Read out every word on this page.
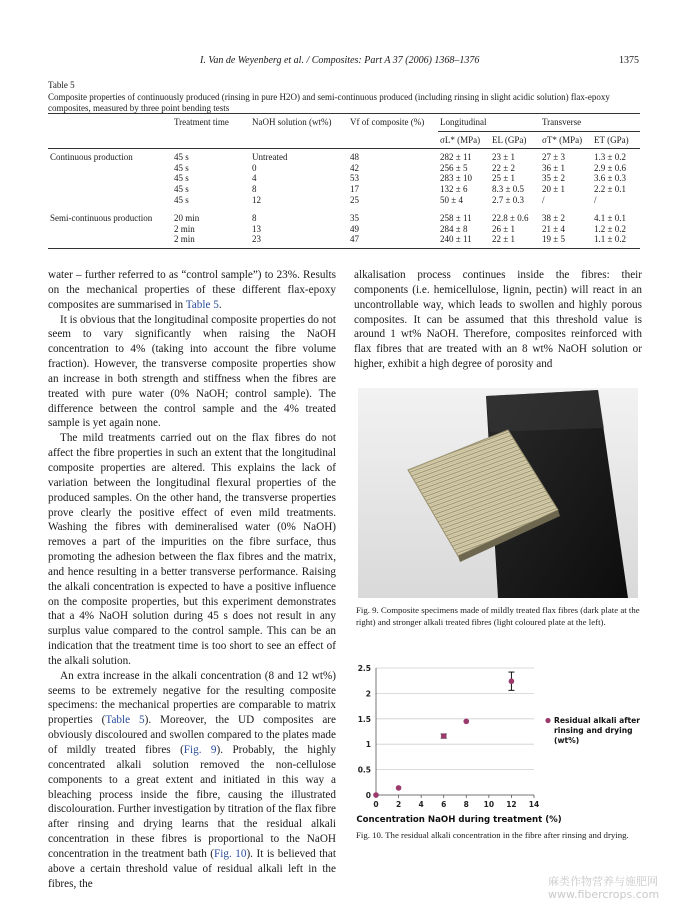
I. Van de Weyenberg et al. / Composites: Part A 37 (2006) 1368–1376	1375
Table 5
Composite properties of continuously produced (rinsing in pure H2O) and semi-continuous produced (including rinsing in slight acidic solution) flax-epoxy composites, measured by three point bending tests
	Treatment time	NaOH solution (wt%)	Vf of composite (%)	Longitudinal		Transverse	
				σL* (MPa)	EL (GPa)	σT* (MPa)	ET (GPa)
Continuous production	45 s	Untreated	48	282 ± 11	23 ± 1	27 ± 3	1.3 ± 0.2
	45 s	0	42	256 ± 5	22 ± 2	36 ± 1	2.9 ± 0.6
	45 s	4	53	283 ± 10	25 ± 1	35 ± 2	3.6 ± 0.3
	45 s	8	17	132 ± 6	8.3 ± 0.5	20 ± 1	2.2 ± 0.1
	45 s	12	25	50 ± 4	2.7 ± 0.3	/	/
Semi-continuous production	20 min	8	35	258 ± 11	22.8 ± 0.6	38 ± 2	4.1 ± 0.1
	2 min	13	49	284 ± 8	26 ± 1	21 ± 4	1.2 ± 0.2
	2 min	23	47	240 ± 11	22 ± 1	19 ± 5	1.1 ± 0.2

water – further referred to as “control sample”) to 23%. Results on the mechanical properties of these different flax-epoxy composites are summarised in Table 5.

It is obvious that the longitudinal composite properties do not seem to vary significantly when raising the NaOH concentration to 4% (taking into account the fibre volume fraction). However, the transverse composite properties show an increase in both strength and stiffness when the fibres are treated with pure water (0% NaOH; control sample). The difference between the control sample and the 4% treated sample is yet again none.

The mild treatments carried out on the flax fibres do not affect the fibre properties in such an extent that the longitudinal composite properties are altered. This explains the lack of variation between the longitudinal flexural properties of the produced samples. On the other hand, the transverse properties prove clearly the positive effect of even mild treatments. Washing the fibres with demineralised water (0% NaOH) removes a part of the impurities on the fibre surface, thus promoting the adhesion between the flax fibres and the matrix, and hence resulting in a better transverse performance. Raising the alkali concentration is expected to have a positive influence on the composite properties, but this experiment demonstrates that a 4% NaOH solution during 45 s does not result in any surplus value compared to the control sample. This can be an indication that the treatment time is too short to see an effect of the alkali solution.

An extra increase in the alkali concentration (8 and 12 wt%) seems to be extremely negative for the resulting composite specimens: the mechanical properties are comparable to matrix properties (Table 5). Moreover, the UD composites are obviously discoloured and swollen compared to the plates made of mildly treated fibres (Fig. 9). Probably, the highly concentrated alkali solution removed the non-cellulose components to a great extent and initiated in this way a bleaching process inside the fibre, causing the illustrated discolouration. Further investigation by titration of the flax fibre after rinsing and drying learns that the residual alkali concentration in these fibres is proportional to the NaOH concentration in the treatment bath (Fig. 10). It is believed that above a certain threshold value of residual alkali left in the fibres, the

alkalisation process continues inside the fibres: their components (i.e. hemicellulose, lignin, pectin) will react in an uncontrollable way, which leads to swollen and highly porous composites. It can be assumed that this threshold value is around 1 wt% NaOH. Therefore, composites reinforced with flax fibres that are treated with an 8 wt% NaOH solution or higher, exhibit a high degree of porosity and

Fig. 9. Composite specimens made of mildly treated flax fibres (dark plate at the right) and stronger alkali treated fibres (light coloured plate at the left).
0
0.5
1
1.5
2
2.5
0 2 4 6 8 10 12 14
Concentration NaOH during treatment (%)
Residual alkali after
rinsing and drying
(wt%)
Fig. 10. The residual alkali concentration in the fibre after rinsing and drying.
麻类作物营养与施肥网
www.fibercrops.com
